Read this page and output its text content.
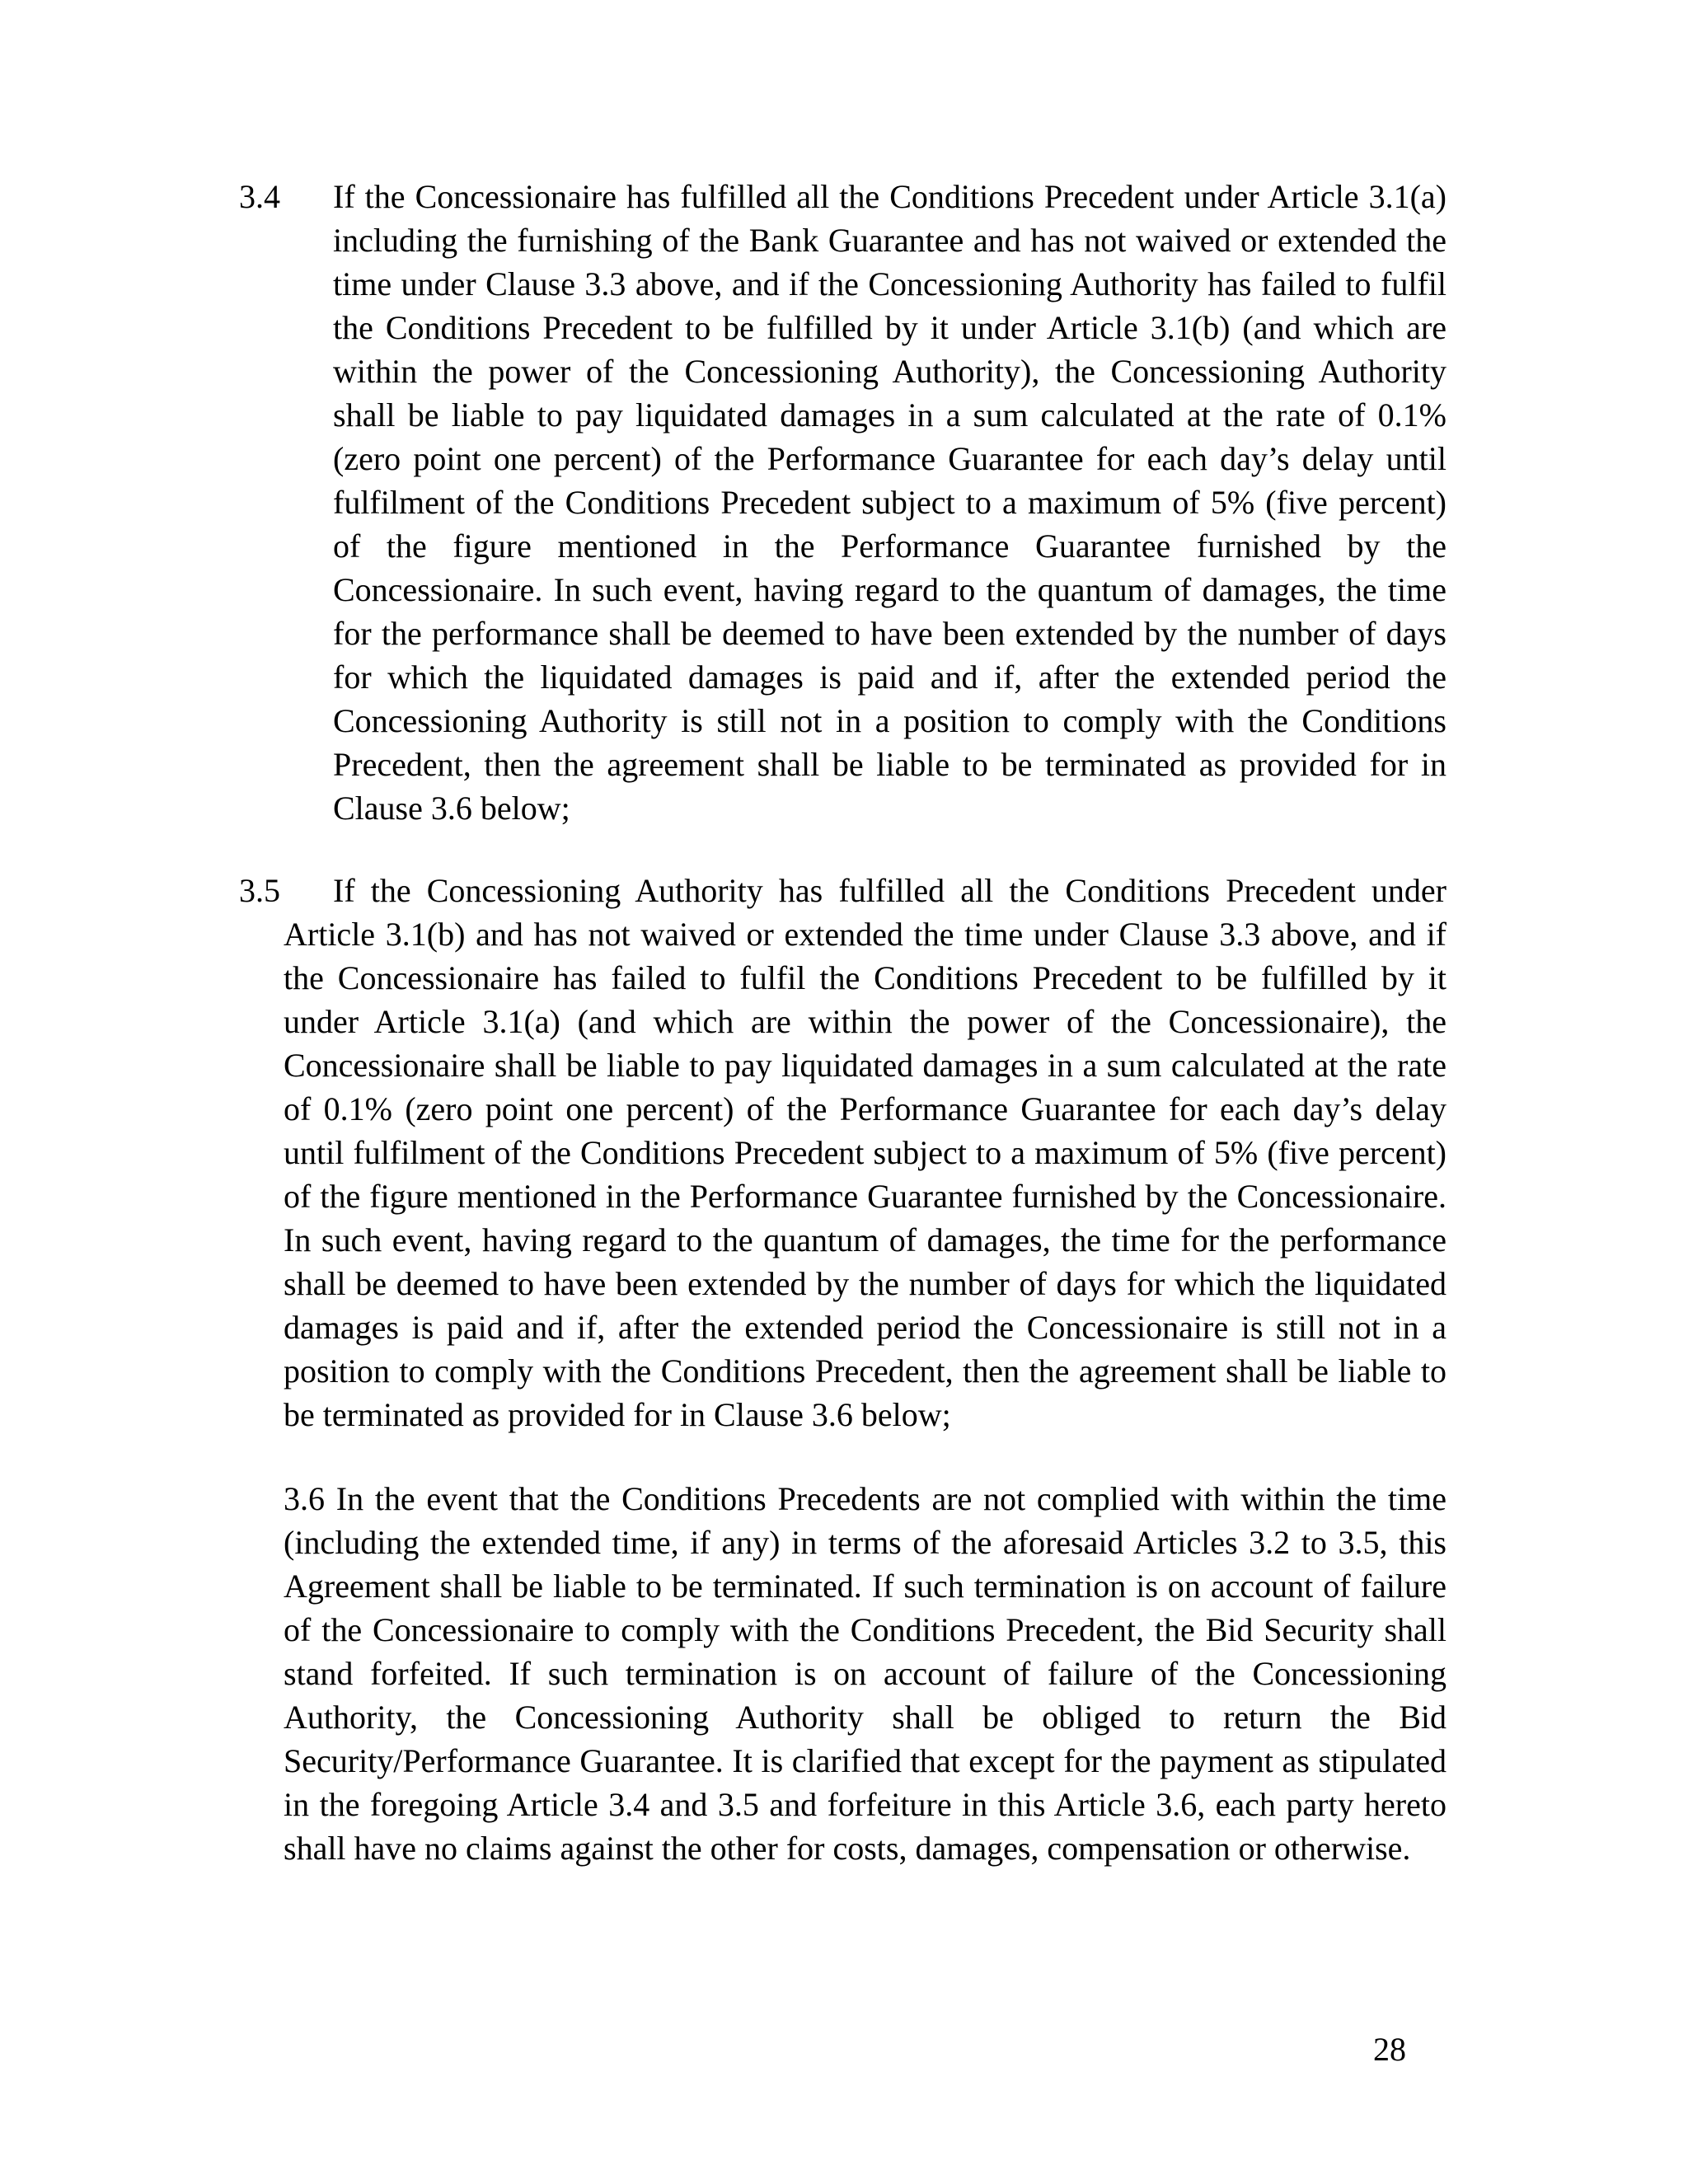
3.4	If the Concessionaire has fulfilled all the Conditions Precedent under Article 3.1(a) including the furnishing of the Bank Guarantee and has not waived or extended the time under Clause 3.3 above, and if the Concessioning Authority has failed to fulfil the Conditions Precedent to be fulfilled by it under Article 3.1(b) (and which are within the power of the Concessioning Authority), the Concessioning Authority shall be liable to pay liquidated damages in a sum calculated at the rate of 0.1% (zero point one percent) of the Performance Guarantee for each day’s delay until fulfilment of the Conditions Precedent subject to a maximum of 5% (five percent) of the figure mentioned in the Performance Guarantee furnished by the Concessionaire. In such event, having regard to the quantum of damages, the time for the performance shall be deemed to have been extended by the number of days for which the liquidated damages is paid and if, after the extended period the Concessioning Authority is still not in a position to comply with the Conditions Precedent, then the agreement shall be liable to be terminated as provided for in Clause 3.6 below;

3.5	If the Concessioning Authority has fulfilled all the Conditions Precedent under Article 3.1(b) and has not waived or extended the time under Clause 3.3 above, and if the Concessionaire has failed to fulfil the Conditions Precedent to be fulfilled by it under Article 3.1(a) (and which are within the power of the Concessionaire), the Concessionaire shall be liable to pay liquidated damages in a sum calculated at the rate of 0.1% (zero point one percent) of the Performance Guarantee for each day’s delay until fulfilment of the Conditions Precedent subject to a maximum of 5% (five percent) of the figure mentioned in the Performance Guarantee furnished by the Concessionaire. In such event, having regard to the quantum of damages, the time for the performance shall be deemed to have been extended by the number of days for which the liquidated damages is paid and if, after the extended period the Concessionaire is still not in a position to comply with the Conditions Precedent, then the agreement shall be liable to be terminated as provided for in Clause 3.6 below;

3.6 In the event that the Conditions Precedents are not complied with within the time (including the extended time, if any) in terms of the aforesaid Articles 3.2 to 3.5, this Agreement shall be liable to be terminated. If such termination is on account of failure of the Concessionaire to comply with the Conditions Precedent, the Bid Security shall stand forfeited. If such termination is on account of failure of the Concessioning Authority, the Concessioning Authority shall be obliged to return the Bid Security/Performance Guarantee. It is clarified that except for the payment as stipulated in the foregoing Article 3.4 and 3.5 and forfeiture in this Article 3.6, each party hereto shall have no claims against the other for costs, damages, compensation or otherwise.

28
